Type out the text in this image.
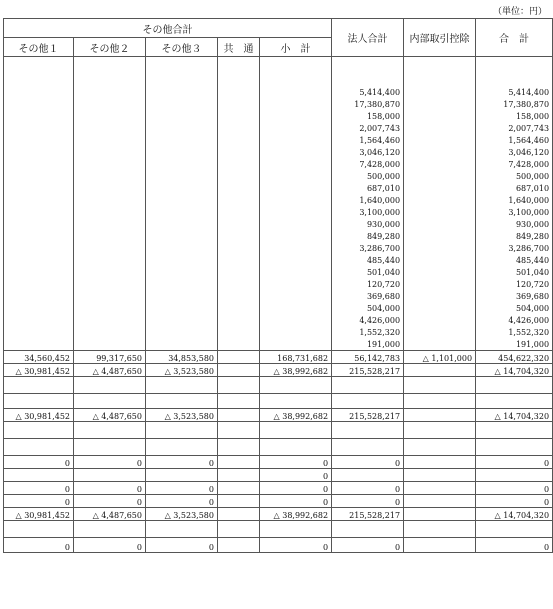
（単位：円）
その他合計					法人合計	内部取引控除	合　計
その他１	その他２	その他３	共　通	小　計			
					5,414,400		5,414,400
					17,380,870		17,380,870
					158,000		158,000
					2,007,743		2,007,743
					1,564,460		1,564,460
					3,046,120		3,046,120
					7,428,000		7,428,000
					500,000		500,000
					687,010		687,010
					1,640,000		1,640,000
					3,100,000		3,100,000
					930,000		930,000
					849,280		849,280
					3,286,700		3,286,700
					485,440		485,440
					501,040		501,040
					120,720		120,720
					369,680		369,680
					504,000		504,000
					4,426,000		4,426,000
					1,552,320		1,552,320
					191,000		191,000
34,560,452	99,317,650	34,853,580		168,731,682	56,142,783	△ 1,101,000	454,622,320
△ 30,981,452	△ 4,487,650	△ 3,523,580		△ 38,992,682	215,528,217		△ 14,704,320

△ 30,981,452	△ 4,487,650	△ 3,523,580		△ 38,992,682	215,528,217		△ 14,704,320

0	0	0		0	0		0
				0			
0	0	0		0	0		0
0	0	0		0	0		0
△ 30,981,452	△ 4,487,650	△ 3,523,580		△ 38,992,682	215,528,217		△ 14,704,320

0	0	0		0	0		0
